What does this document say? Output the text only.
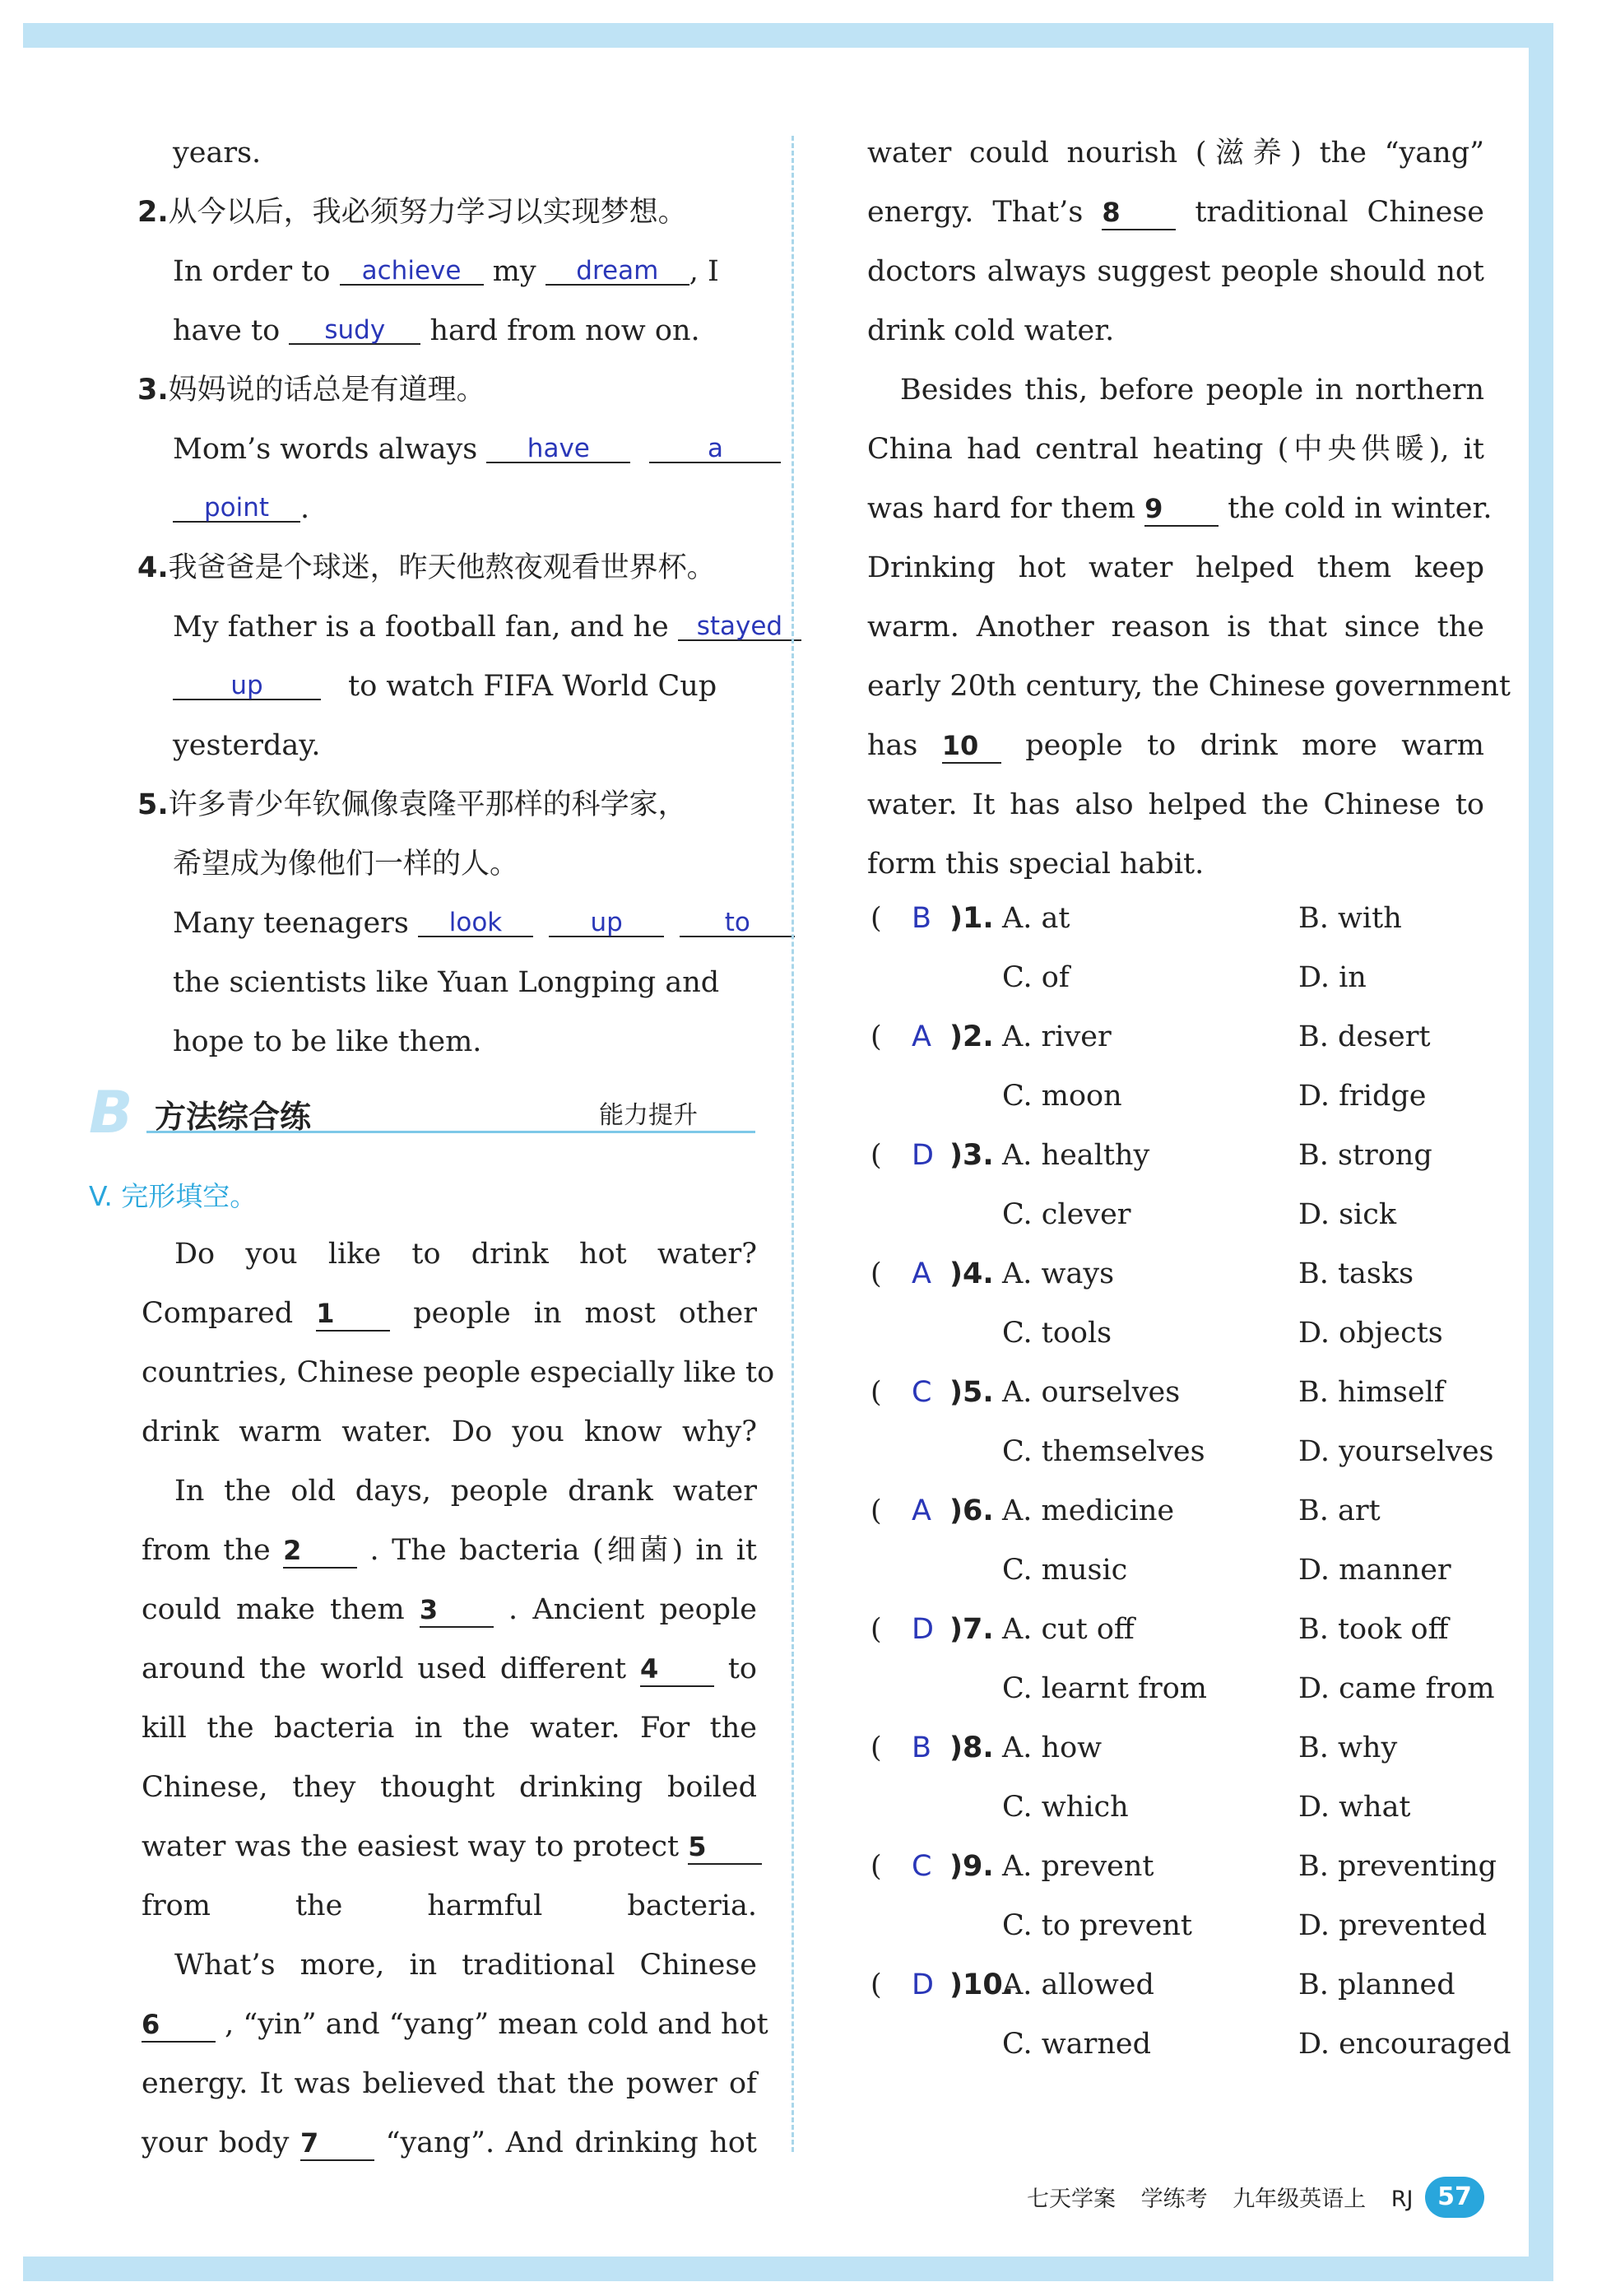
years.
2.从今以后，我必须努力学习以实现梦想。
In order to	achieve	my	dream	, I
have to	sudy	hard from now on.
3.妈妈说的话总是有道理。
Mom’s words always	have
	a
point	.
4.我爸爸是个球迷，昨天他熬夜观看世界杯。
My father is a football fan, and he	stayed
up	to watch FIFA World Cup
yesterday.
5.许多青少年钦佩像袁隆平那样的科学家，
希望成为像他们一样的人。
Many teenagers	look
	up
	to
the scientists like Yuan Longping and
hope to be like them.
B 方法综合练	能力提升
V. 完形填空。
Do you like to drink hot water?
Compared 1	people in most other
countries, Chinese people especially like to
drink warm water. Do you know why?
In the old days, people drank water
from the 2 . The bacteria (细菌) in it
could make them 3 . Ancient people
around the world used different 4 to
kill the bacteria in the water. For the
Chinese, they thought drinking boiled
water was the easiest way to protect 5
from the harmful bacteria.
What’s more, in traditional Chinese
6 , “yin” and “yang” mean cold and hot
energy. It was believed that the power of
your body 7 “yang”. And drinking hot
water could nourish (滋养) the “yang”
energy. That’s 8	traditional Chinese
doctors always suggest people should not
drink cold water.
Besides this, before people in northern
China had central heating (中央供暖), it
was hard for them 9 the cold in winter.
Drinking hot water helped them keep
warm. Another reason is that since the
early 20th century, the Chinese government
has 10 people to drink more warm
water. It has also helped the Chinese to
form this special habit.
( B )1. A. at	B. with
C. of	D. in
( A )2. A. river	B. desert
C. moon	D. fridge
( D )3. A. healthy	B. strong
C. clever	D. sick
( A )4. A. ways	B. tasks
C. tools	D. objects
( C )5. A. ourselves	B. himself
C. themselves	D. yourselves
( A )6. A. medicine	B. art
C. music	D. manner
( D )7. A. cut off	B. took off
C. learnt from	D. came from
( B )8. A. how	B. why
C. which	D. what
( C )9. A. prevent	B. preventing
C. to prevent	D. prevented
( D )10.
A. allowed	B. planned
C. warned	D. encouraged
七天学案 学练考 九年级英语上 RJ 57
